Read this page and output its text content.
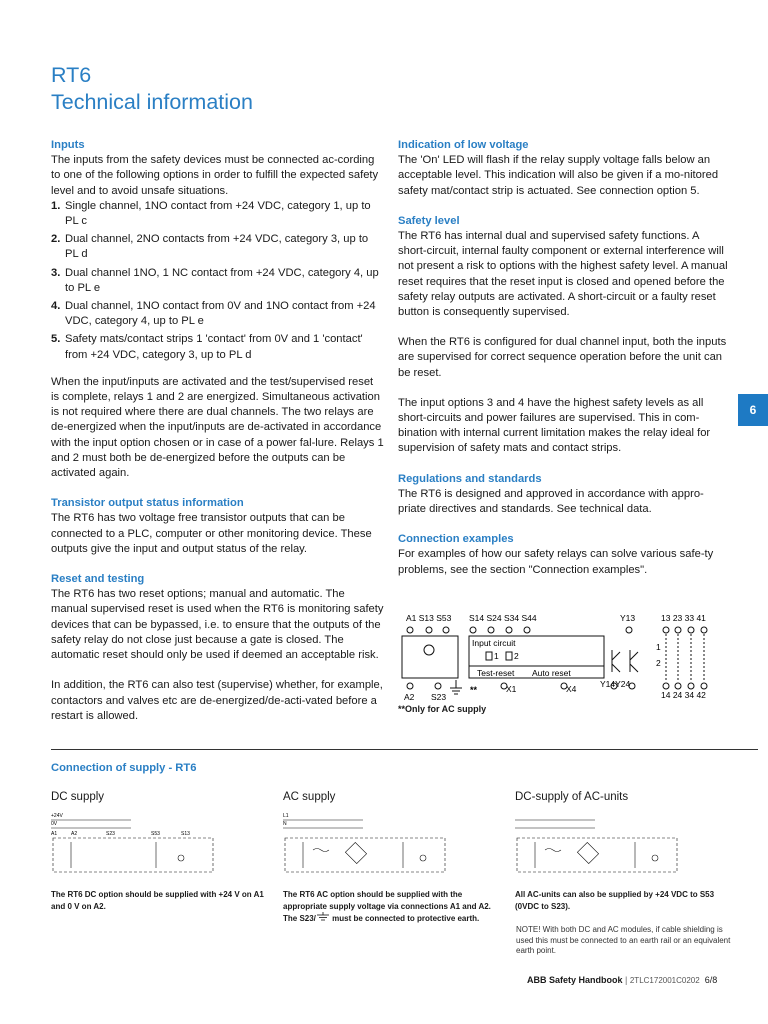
RT6
Technical information
6

Inputs

The inputs from the safety devices must be connected ac-cording to one of the following options in order to fulfill the expected safety level and to avoid unsafe situations.

1. Single channel, 1NO contact from +24 VDC, category 1, up to PL c
2. Dual channel, 2NO contacts from +24 VDC, category 3, up to PL d
3. Dual channel 1NO, 1 NC contact from +24 VDC, category 4, up to PL e
4. Dual channel, 1NO contact from 0V and 1NO contact from +24 VDC, category 4, up to PL e
5. Safety mats/contact strips 1 'contact' from 0V and 1 'contact' from +24 VDC, category 3, up to PL d

When the input/inputs are activated and the test/supervised reset is complete, relays 1 and 2 are energized. Simultaneous activation is not required where there are dual channels. The two relays are de-energized when the input/inputs are de-activated in accordance with the input option chosen or in case of a power fal-lure. Relays 1 and 2 must both be de-energized before the outputs can be activated again.

Transistor output status information

The RT6 has two voltage free transistor outputs that can be connected to a PLC, computer or other monitoring device. These outputs give the input and output status of the relay.

Reset and testing

The RT6 has two reset options; manual and automatic. The manual supervised reset is used when the RT6 is monitoring safety devices that can be bypassed, i.e. to ensure that the outputs of the safety relay do not close just because a gate is closed. The automatic reset should only be used if deemed an acceptable risk.

In addition, the RT6 can also test (supervise) whether, for example, contactors and valves etc are de-energized/de-acti-vated before a restart is allowed.

Indication of low voltage

The 'On' LED will flash if the relay supply voltage falls below an acceptable level. This indication will also be given if a mo-nitored safety mat/contact strip is actuated. See connection option 5.

Safety level

The RT6 has internal dual and supervised safety functions. A short-circuit, internal faulty component or external interference will not present a risk to options with the highest safety level. A manual reset requires that the reset input is closed and opened before the safety relay outputs are activated. A short-circuit or a faulty reset button is consequently supervised.

When the RT6 is configured for dual channel input, both the inputs are supervised for correct sequence operation before the unit can be reset.

The input options 3 and 4 have the highest safety levels as all short-circuits and power failures are supervised. This in com-bination with internal current limitation makes the relay ideal for supervision of safety mats and contact strips.

Regulations and standards

The RT6 is designed and approved in accordance with appro-priate directives and standards. See technical data.

Connection examples

For examples of how our safety relays can solve various safe-ty problems, see the section "Connection examples".

A1 S13 S53 S14 S24 S34 S44	Y13	13 23 33 41
Input circuit
1 2
Test-reset Auto reset
1
2
A2 S23
**	X1	X4	Y14Y24
14 24 34 42
**Only for AC supply
Connection of supply - RT6
DC supply	AC supply	DC-supply of AC-units
+24V
0V
A1	A2	S23	S53	S13
L1
N
The RT6 DC option should be supplied with +24 V on A1 and 0 V on A2.
The RT6 AC option should be supplied with the appropriate supply voltage via connections A1 and A2.
The S23/ must be connected to protective earth.
All AC-units can also be supplied by +24 VDC to S53 (0VDC to S23).
NOTE! With both DC and AC modules, if cable shielding is used this must be connected to an earth rail or an equivalent earth point.
ABB Safety Handbook | 2TLC172001C0202 6/8
